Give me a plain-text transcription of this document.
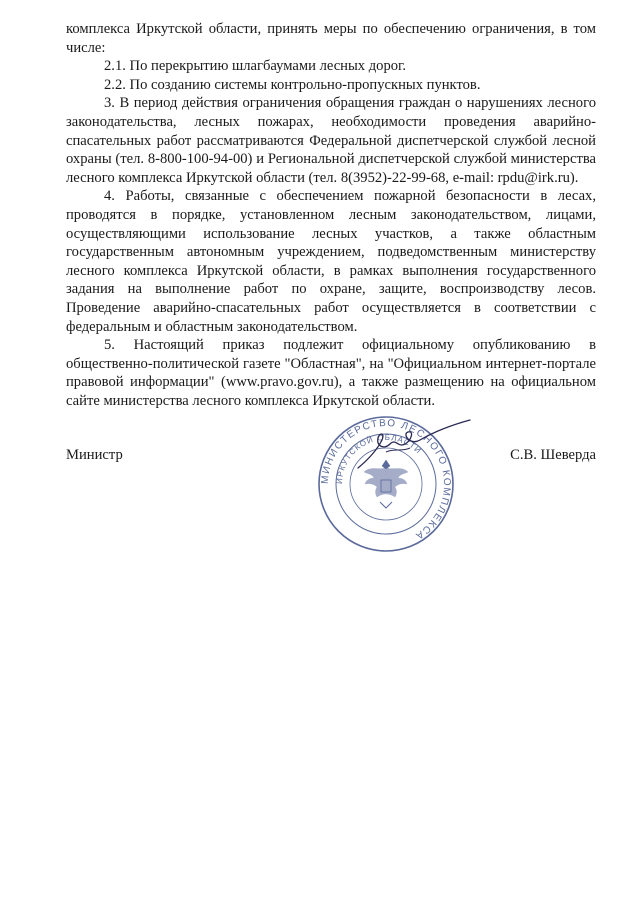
комплекса Иркутской области, принять меры по обеспечению ограничения, в том числе:

2.1. По перекрытию шлагбаумами лесных дорог.

2.2. По созданию системы контрольно-пропускных пунктов.

3. В период действия ограничения обращения граждан о нарушениях лесного законодательства, лесных пожарах, необходимости проведения аварийно-спасательных работ рассматриваются Федеральной диспетчерской службой лесной охраны (тел. 8-800-100-94-00) и Региональной диспетчерской службой министерства лесного комплекса Иркутской области (тел. 8(3952)-22-99-68, e-mail: rpdu@irk.ru).

4. Работы, связанные с обеспечением пожарной безопасности в лесах, проводятся в порядке, установленном лесным законодательством, лицами, осуществляющими использование лесных участков, а также областным государственным автономным учреждением, подведомственным министерству лесного комплекса Иркутской области, в рамках выполнения государственного задания на выполнение работ по охране, защите, воспроизводству лесов. Проведение аварийно-спасательных работ осуществляется в соответствии с федеральным и областным законодательством.

5. Настоящий приказ подлежит официальному опубликованию в общественно-политической газете "Областная", на "Официальном интернет-портале правовой информации" (www.pravo.gov.ru), а также размещению на официальном сайте министерства лесного комплекса Иркутской области.

МИНИСТЕРСТВО ЛЕСНОГО КОМПЛЕКСА
ИРКУТСКОЙ ОБЛАСТИ
Министр	С.В. Шеверда
